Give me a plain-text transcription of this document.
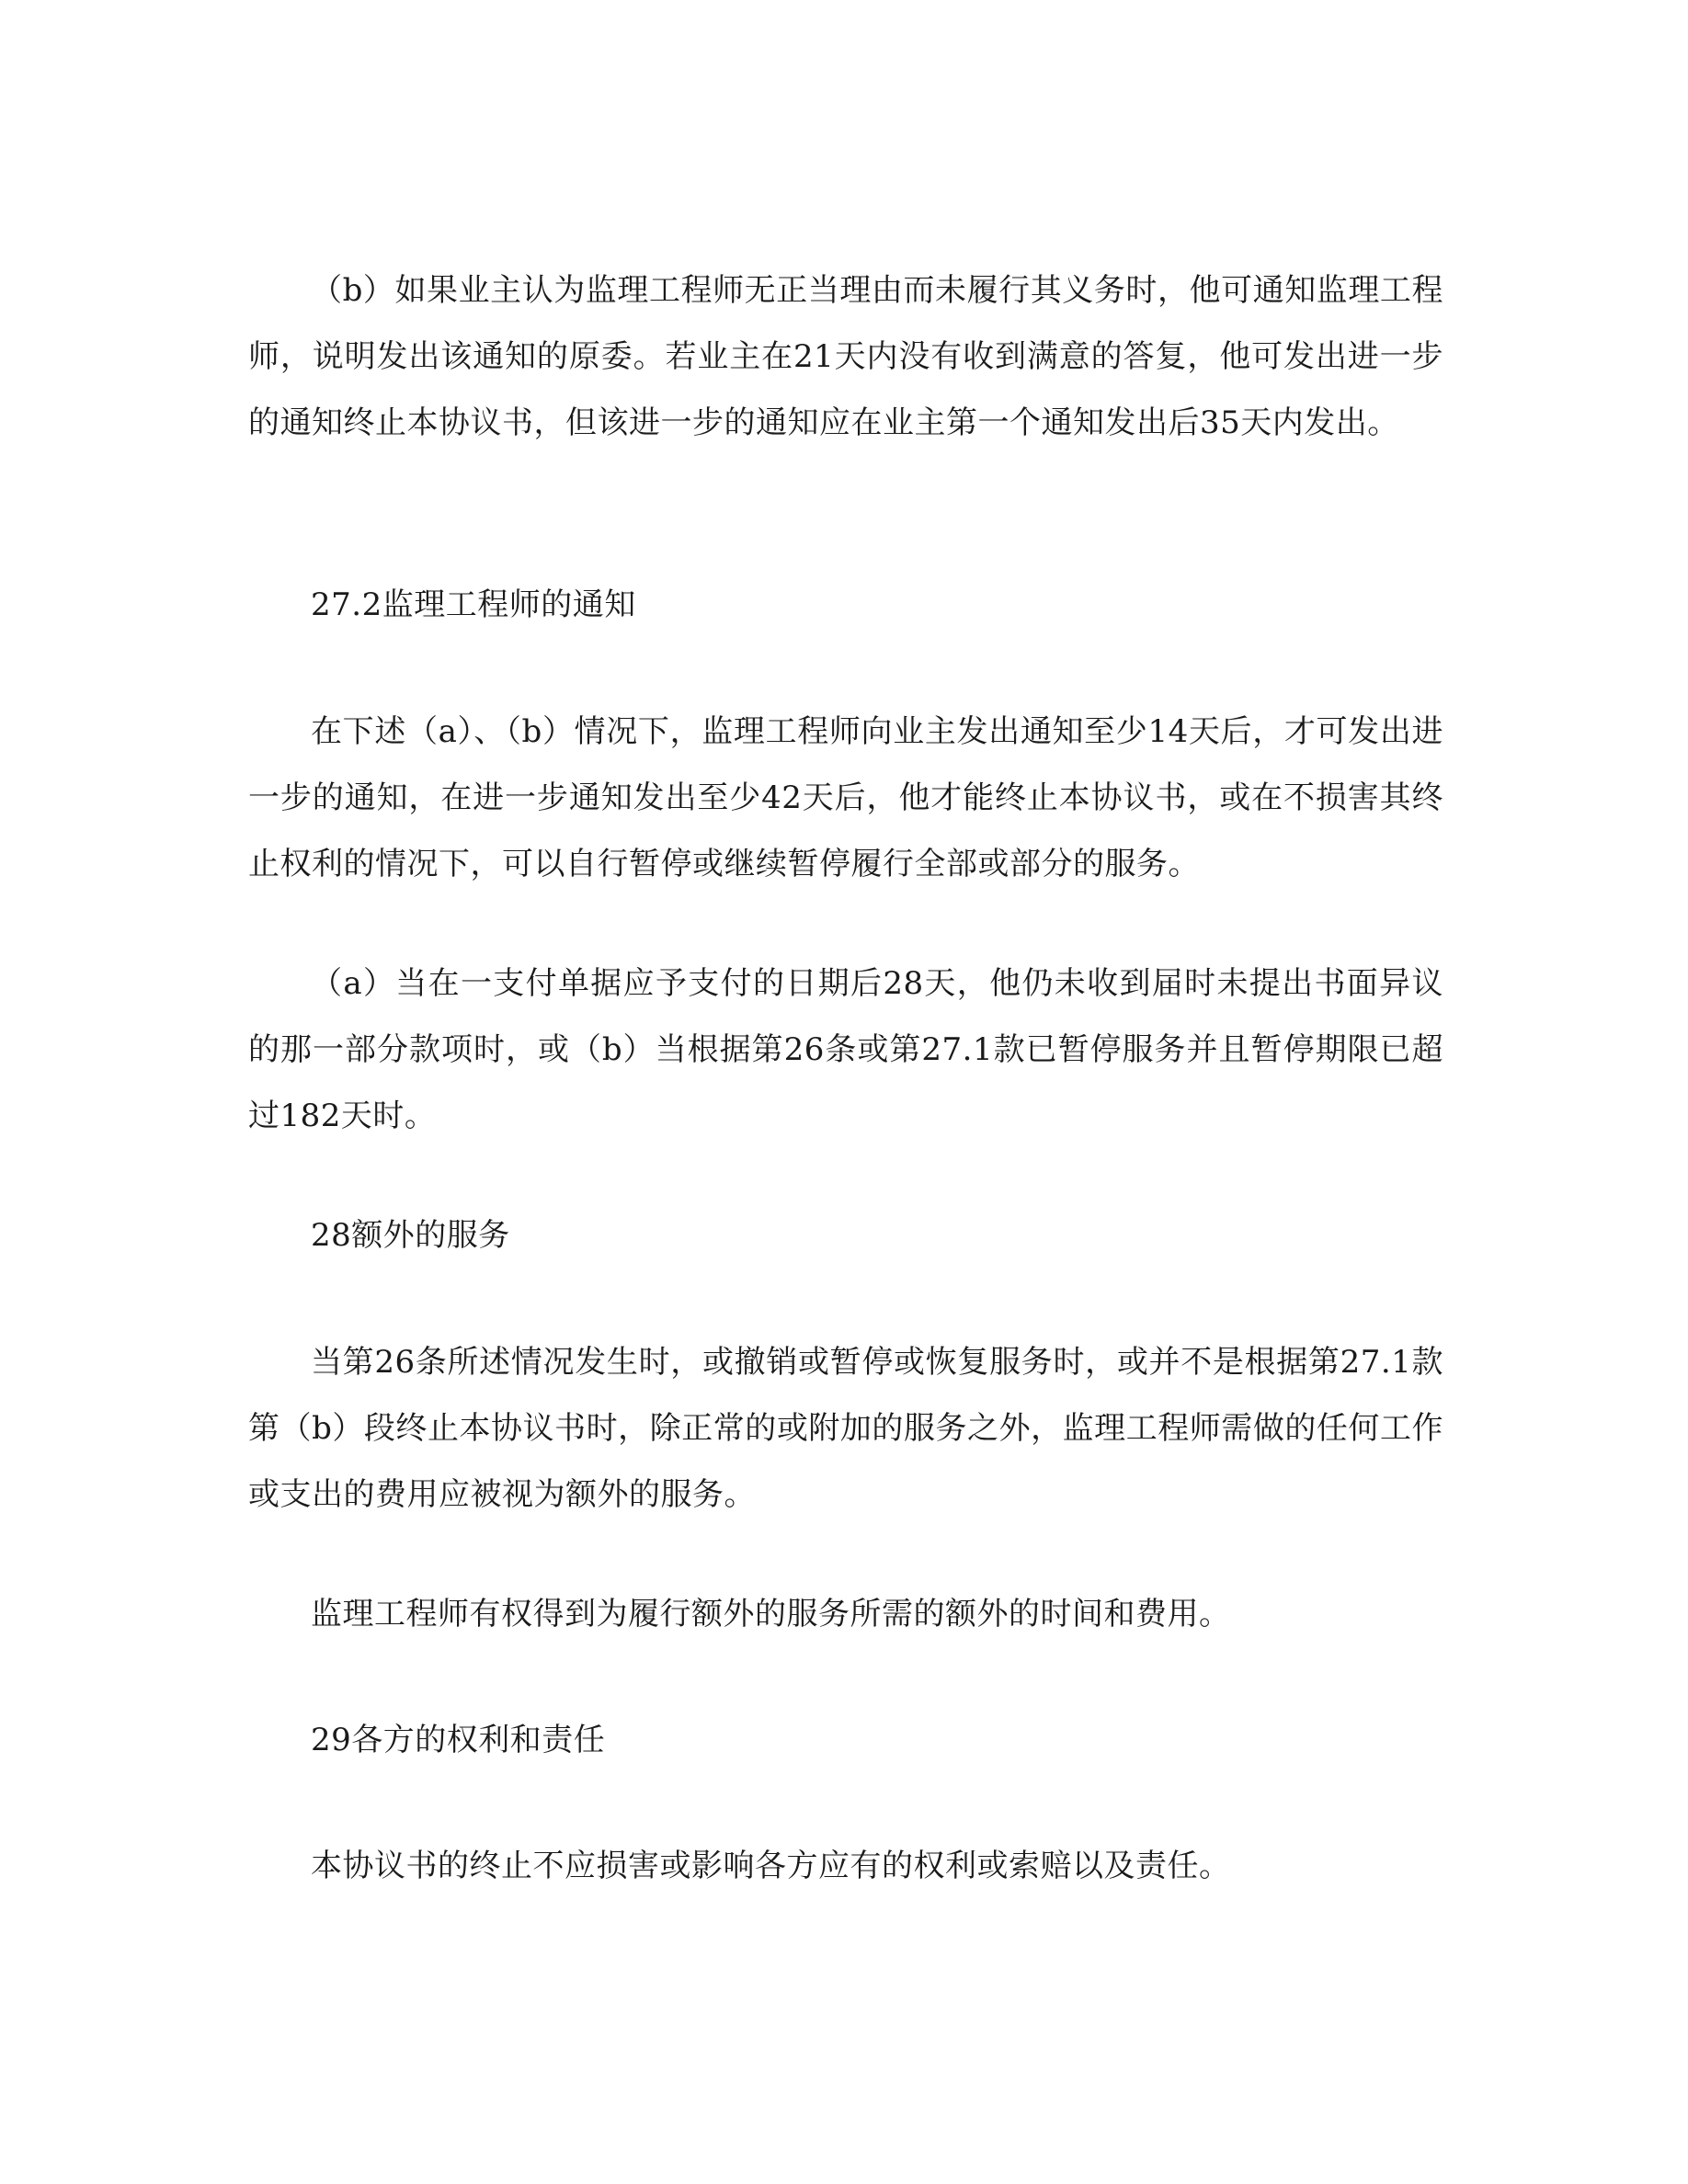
（b）如果业主认为监理工程师无正当理由而未履行其义务时，他可通知监理工程师，说明发出该通知的原委。若业主在21天内没有收到满意的答复，他可发出进一步的通知终止本协议书，但该进一步的通知应在业主第一个通知发出后35天内发出。

27.2监理工程师的通知

在下述（a）、（b）情况下，监理工程师向业主发出通知至少14天后，才可发出进一步的通知，在进一步通知发出至少42天后，他才能终止本协议书，或在不损害其终止权利的情况下，可以自行暂停或继续暂停履行全部或部分的服务。

（a）当在一支付单据应予支付的日期后28天，他仍未收到届时未提出书面异议的那一部分款项时，或（b）当根据第26条或第27.1款已暂停服务并且暂停期限已超过182天时。

28额外的服务

当第26条所述情况发生时，或撤销或暂停或恢复服务时，或并不是根据第27.1款第（b）段终止本协议书时，除正常的或附加的服务之外，监理工程师需做的任何工作或支出的费用应被视为额外的服务。

监理工程师有权得到为履行额外的服务所需的额外的时间和费用。

29各方的权利和责任

本协议书的终止不应损害或影响各方应有的权利或索赔以及责任。
